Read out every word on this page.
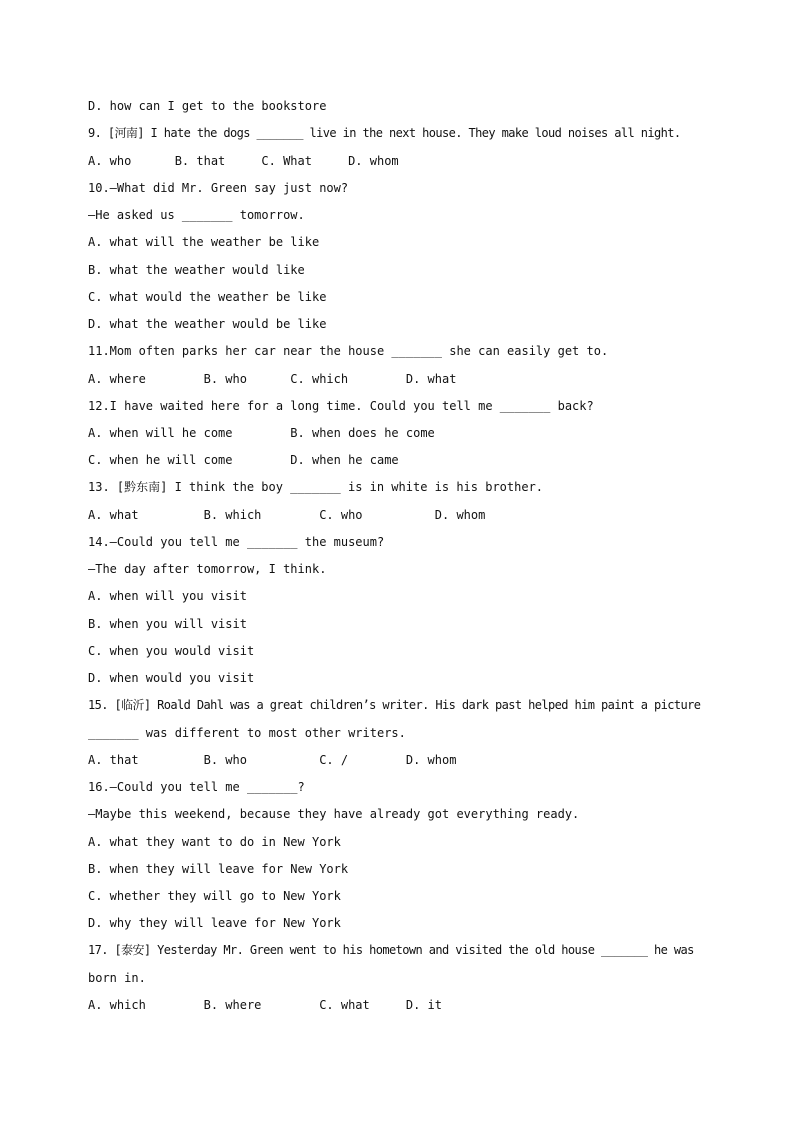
D. how can I get to the bookstore

9. [河南] I hate the dogs _______ live in the next house. They make loud noises all night.

A. who      B. that     C. What     D. whom

10.—What did Mr. Green say just now?

—He asked us _______ tomorrow.

A. what will the weather be like

B. what the weather would like

C. what would the weather be like

D. what the weather would be like

11.Mom often parks her car near the house _______ she can easily get to.

A. where        B. who      C. which        D. what

12.I have waited here for a long time. Could you tell me _______ back?

A. when will he come        B. when does he come

C. when he will come        D. when he came

13. [黔东南] I think the boy _______ is in white is his brother.

A. what         B. which        C. who          D. whom

14.—Could you tell me _______ the museum?

—The day after tomorrow, I think.

A. when will you visit

B. when you will visit

C. when you would visit

D. when would you visit

15. [临沂] Roald Dahl was a great children’s writer. His dark past helped him paint a picture

_______ was different to most other writers.

A. that         B. who          C. /        D. whom

16.—Could you tell me _______?

—Maybe this weekend, because they have already got everything ready.

A. what they want to do in New York

B. when they will leave for New York

C. whether they will go to New York

D. why they will leave for New York

17. [泰安] Yesterday Mr. Green went to his hometown and visited the old house _______ he was

born in.

A. which        B. where        C. what     D. it
